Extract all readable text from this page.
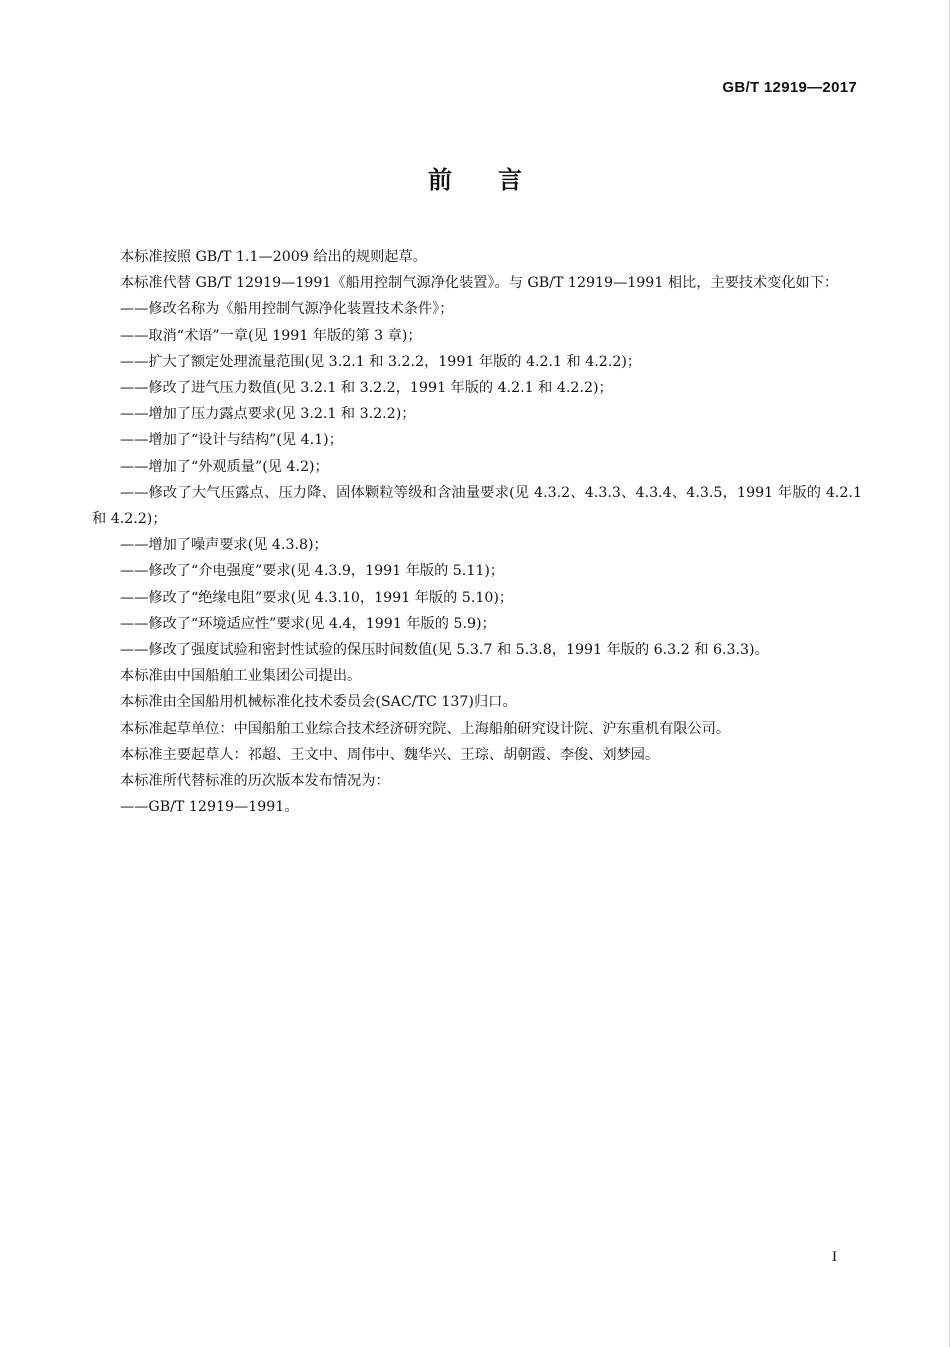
GB/T 12919—2017
前言

本标准按照 GB/T 1.1—2009 给出的规则起草。

本标准代替 GB/T 12919—1991《船用控制气源净化装置》。与 GB/T 12919—1991 相比，主要技术变化如下：

——修改名称为《船用控制气源净化装置技术条件》；

——取消“术语”一章(见 1991 年版的第 3 章)；

——扩大了额定处理流量范围(见 3.2.1 和 3.2.2，1991 年版的 4.2.1 和 4.2.2)；

——修改了进气压力数值(见 3.2.1 和 3.2.2，1991 年版的 4.2.1 和 4.2.2)；

——增加了压力露点要求(见 3.2.1 和 3.2.2)；

——增加了“设计与结构”(见 4.1)；

——增加了“外观质量”(见 4.2)；

——修改了大气压露点、压力降、固体颗粒等级和含油量要求(见 4.3.2、4.3.3、4.3.4、4.3.5，1991 年版的 4.2.1 和 4.2.2)；

——增加了噪声要求(见 4.3.8)；

——修改了“介电强度”要求(见 4.3.9，1991 年版的 5.11)；

——修改了“绝缘电阻”要求(见 4.3.10，1991 年版的 5.10)；

——修改了“环境适应性”要求(见 4.4，1991 年版的 5.9)；

——修改了强度试验和密封性试验的保压时间数值(见 5.3.7 和 5.3.8，1991 年版的 6.3.2 和 6.3.3)。

本标准由中国船舶工业集团公司提出。

本标准由全国船用机械标准化技术委员会(SAC/TC 137)归口。

本标准起草单位：中国船舶工业综合技术经济研究院、上海船舶研究设计院、沪东重机有限公司。

本标准主要起草人：祁超、王文中、周伟中、魏华兴、王琮、胡朝霞、李俊、刘梦园。

本标准所代替标准的历次版本发布情况为：

——GB/T 12919—1991。

I
